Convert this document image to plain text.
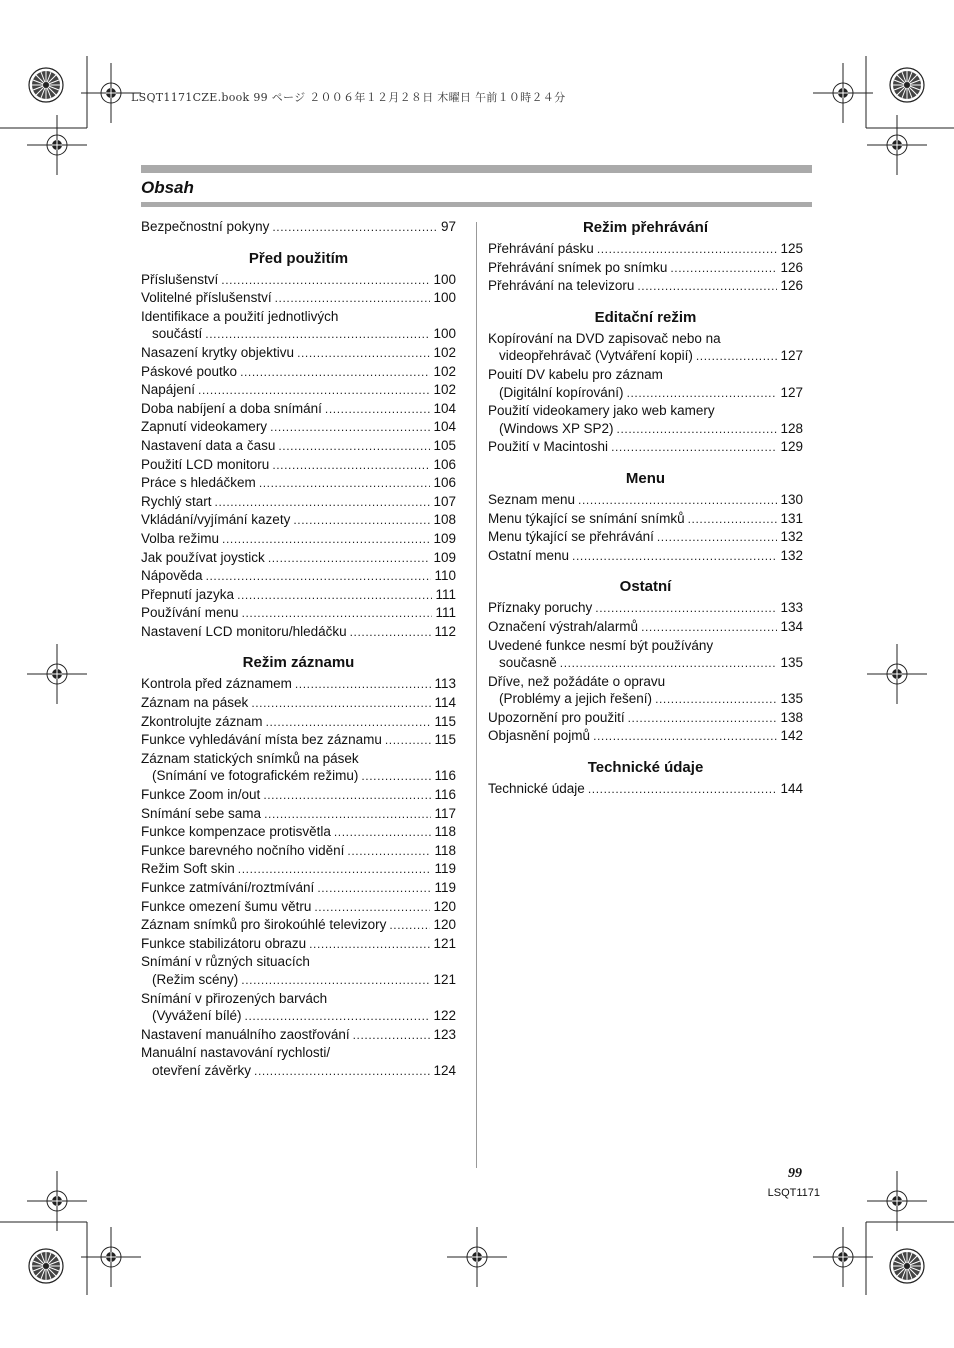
LSQT1171CZE.book 99 ページ ２００６年１２月２８日 木曜日 午前１０時２４分
Obsah
Bezpečnostní pokyny .....	97
Před použitím
Příslušenství .....	100
Volitelné příslušenství .....	100
Identifikace a použití jednotlivých
součástí .....	100
Nasazení krytky objektivu .....	102
Páskové poutko .....	102
Napájení .....	102
Doba nabíjení a doba snímání .....	104
Zapnutí videokamery .....	104
Nastavení data a času .....	105
Použití LCD monitoru .....	106
Práce s hledáčkem .....	106
Rychlý start .....	107
Vkládání/vyjímání kazety .....	108
Volba režimu .....	109
Jak používat joystick .....	109
Nápověda .....	110
Přepnutí jazyka .....	111
Používání menu .....	111
Nastavení LCD monitoru/hledáčku .....	112
Režim záznamu
Kontrola před záznamem .....	113
Záznam na pásek .....	114
Zkontrolujte záznam .....	115
Funkce vyhledávání místa bez záznamu .....	115
Záznam statických snímků na pásek
(Snímání ve fotografickém režimu) .....	116
Funkce Zoom in/out .....	116
Snímání sebe sama .....	117
Funkce kompenzace protisvětla .....	118
Funkce barevného nočního vidění .....	118
Režim Soft skin .....	119
Funkce zatmívání/roztmívání .....	119
Funkce omezení šumu větru .....	120
Záznam snímků pro širokoúhlé televizory .....	120
Funkce stabilizátoru obrazu .....	121
Snímání v různých situacích
(Režim scény) .....	121
Snímání v přirozených barvách
(Vyvážení bílé) .....	122
Nastavení manuálního zaostřování .....	123
Manuální nastavování rychlosti/
otevření závěrky .....	124
Režim přehrávání
Přehrávání pásku .....	125
Přehrávání snímek po snímku .....	126
Přehrávání na televizoru .....	126
Editační režim
Kopírování na DVD zapisovač nebo na
videopřehrávač (Vytváření kopií) .....	127
Pouití DV kabelu pro záznam
(Digitální kopírování) .....	127
Použití videokamery jako web kamery
(Windows XP SP2) .....	128
Použití v Macintoshi .....	129
Menu
Seznam menu .....	130
Menu týkající se snímání snímků .....	131
Menu týkající se přehrávání .....	132
Ostatní menu .....	132
Ostatní
Příznaky poruchy .....	133
Označení výstrah/alarmů .....	134
Uvedené funkce nesmí být používány
současně .....	135
Dříve, než požádáte o opravu
(Problémy a jejich řešení) .....	135
Upozornění pro použití .....	138
Objasnění pojmů .....	142
Technické údaje
Technické údaje .....	144
99
LSQT1171
